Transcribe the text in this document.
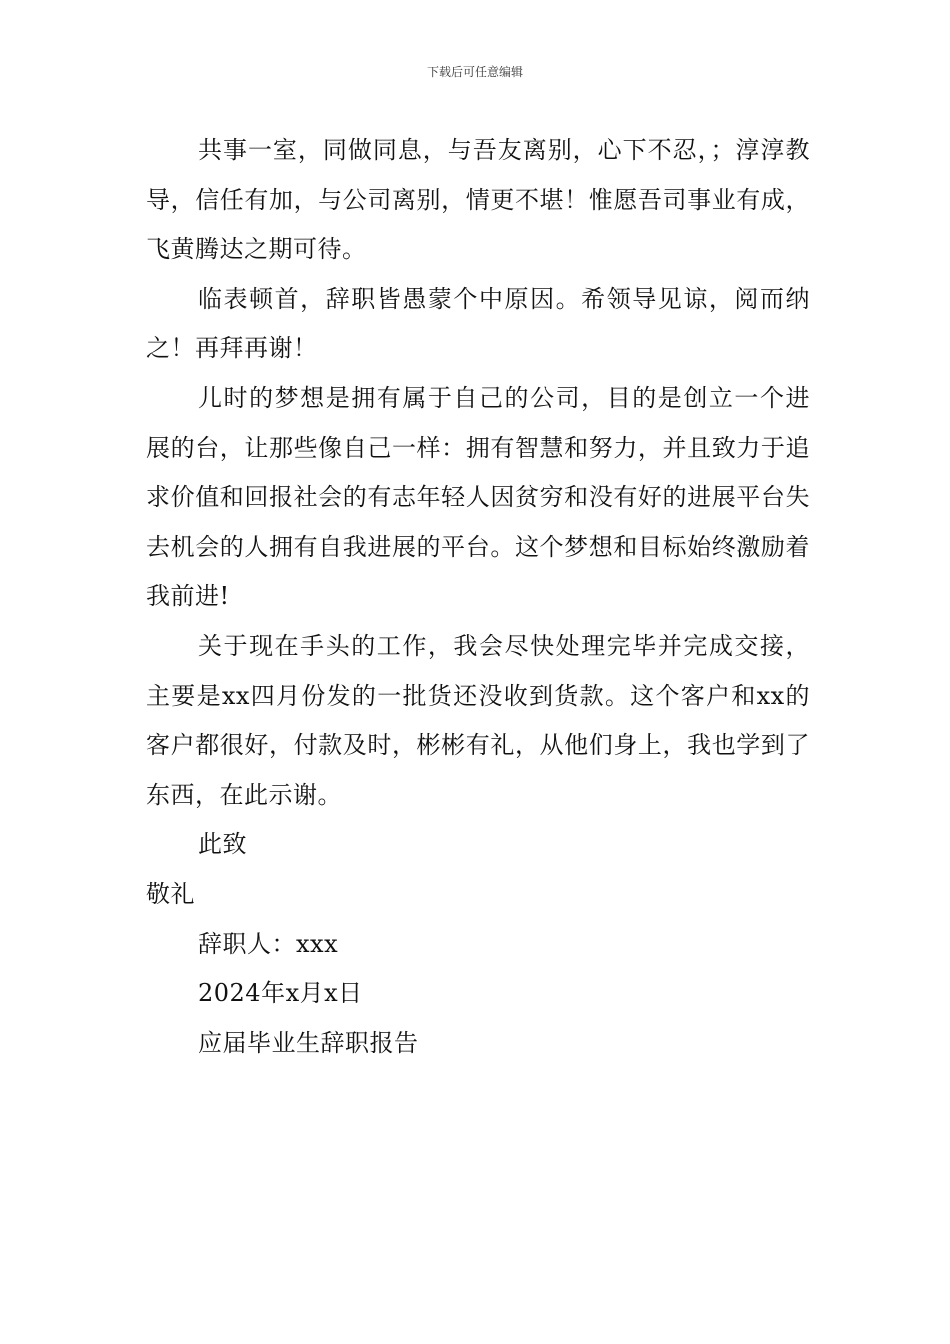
下载后可任意编辑

共事一室，同做同息，与吾友离别，心下不忍，；淳淳教导，信任有加，与公司离别，情更不堪！惟愿吾司事业有成，飞黄腾达之期可待。

临表顿首，辞职皆愚蒙个中原因。希领导见谅，阅而纳之！再拜再谢！

儿时的梦想是拥有属于自己的公司，目的是创立一个进展的台，让那些像自己一样：拥有智慧和努力，并且致力于追求价值和回报社会的有志年轻人因贫穷和没有好的进展平台失去机会的人拥有自我进展的平台。这个梦想和目标始终激励着我前进!

关于现在手头的工作，我会尽快处理完毕并完成交接，主要是xx四月份发的一批货还没收到货款。这个客户和xx的客户都很好，付款及时，彬彬有礼，从他们身上，我也学到了东西，在此示谢。

此致

敬礼

辞职人：xxx

2024年x月x日

应届毕业生辞职报告
